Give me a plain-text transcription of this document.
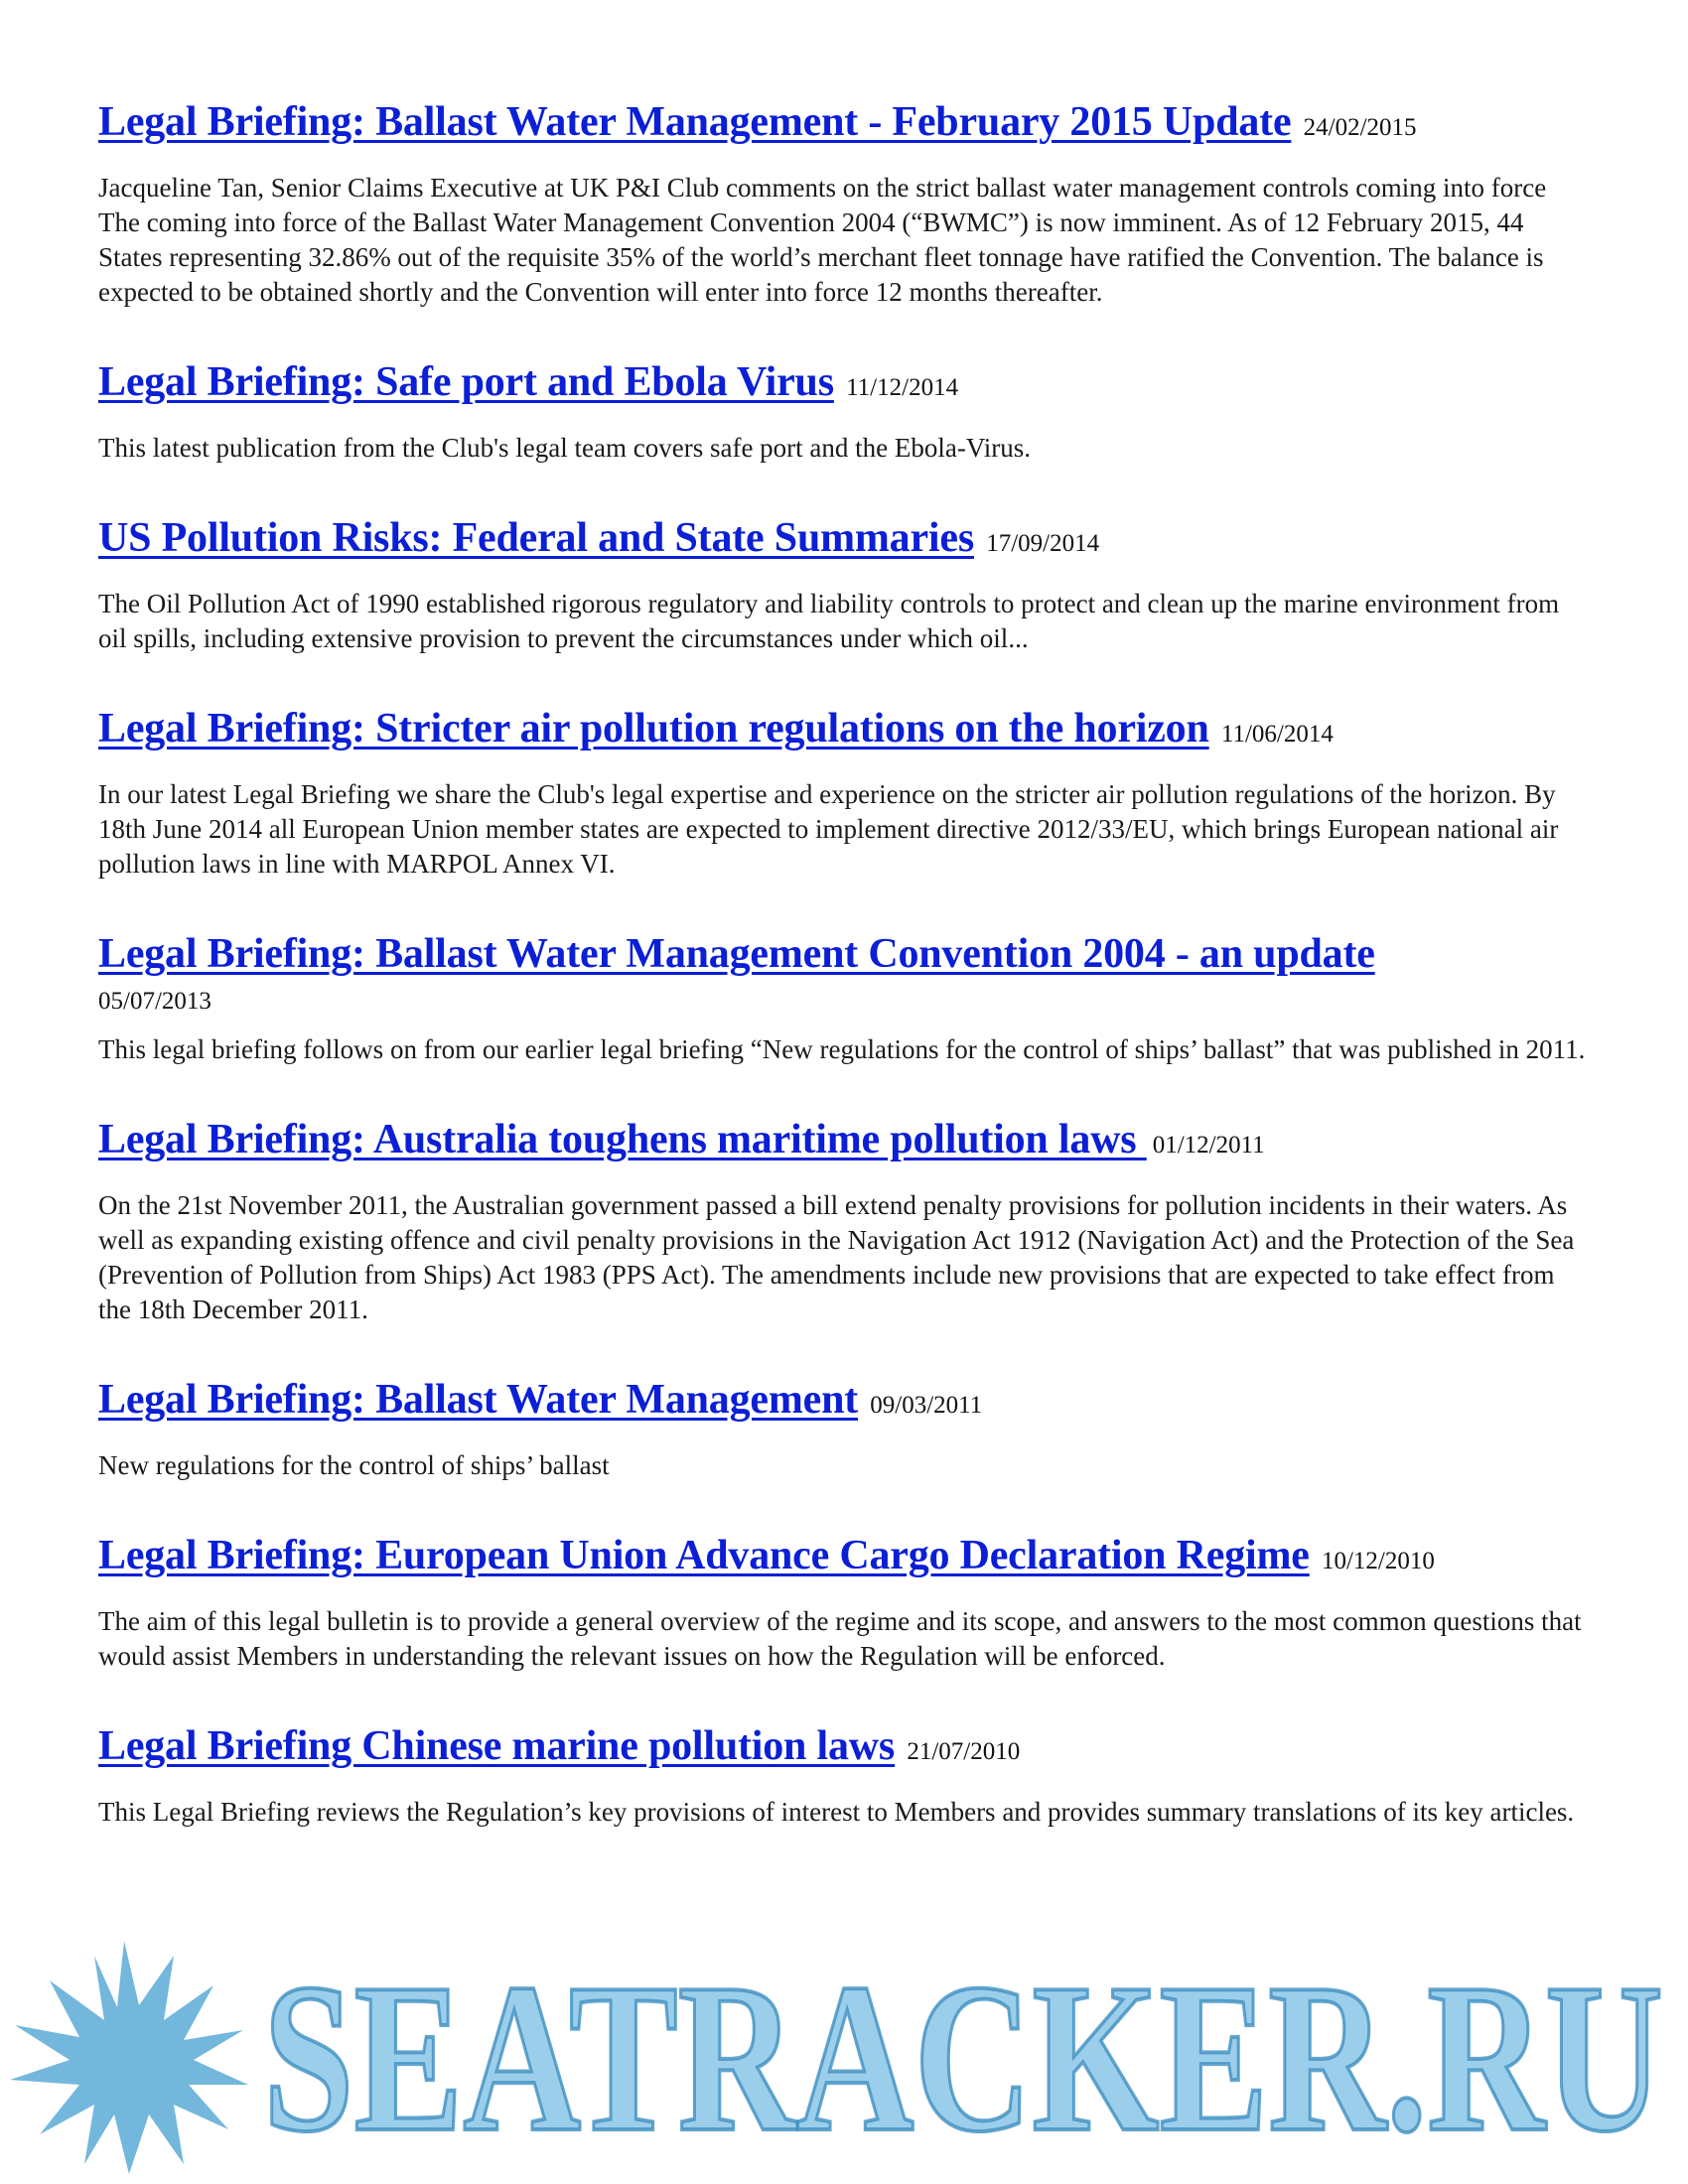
Legal Briefing: Ballast Water Management - February 2015 Update 24/02/2015

Jacqueline Tan, Senior Claims Executive at UK P&I Club comments on the strict ballast water management controls coming into force The coming into force of the Ballast Water Management Convention 2004 (“BWMC”) is now imminent. As of 12 February 2015, 44 States representing 32.86% out of the requisite 35% of the world’s merchant fleet tonnage have ratified the Convention. The balance is expected to be obtained shortly and the Convention will enter into force 12 months thereafter.

Legal Briefing: Safe port and Ebola Virus 11/12/2014

This latest publication from the Club's legal team covers safe port and the Ebola-Virus.

US Pollution Risks: Federal and State Summaries 17/09/2014

The Oil Pollution Act of 1990 established rigorous regulatory and liability controls to protect and clean up the marine environment from oil spills, including extensive provision to prevent the circumstances under which oil...

Legal Briefing: Stricter air pollution regulations on the horizon 11/06/2014

In our latest Legal Briefing we share the Club's legal expertise and experience on the stricter air pollution regulations of the horizon. By 18th June 2014 all European Union member states are expected to implement directive 2012/33/EU, which brings European national air pollution laws in line with MARPOL Annex VI.

Legal Briefing: Ballast Water Management Convention 2004 - an update
05/07/2013

This legal briefing follows on from our earlier legal briefing “New regulations for the control of ships’ ballast” that was published in 2011.

Legal Briefing: Australia toughens maritime pollution laws 01/12/2011

On the 21st November 2011, the Australian government passed a bill extend penalty provisions for pollution incidents in their waters. As well as expanding existing offence and civil penalty provisions in the Navigation Act 1912 (Navigation Act) and the Protection of the Sea (Prevention of Pollution from Ships) Act 1983 (PPS Act). The amendments include new provisions that are expected to take effect from the 18th December 2011.

Legal Briefing: Ballast Water Management 09/03/2011

New regulations for the control of ships’ ballast

Legal Briefing: European Union Advance Cargo Declaration Regime 10/12/2010

The aim of this legal bulletin is to provide a general overview of the regime and its scope, and answers to the most common questions that would assist Members in understanding the relevant issues on how the Regulation will be enforced.

Legal Briefing Chinese marine pollution laws 21/07/2010

This Legal Briefing reviews the Regulation’s key provisions of interest to Members and provides summary translations of its key articles.

SEATRACKER.RU
